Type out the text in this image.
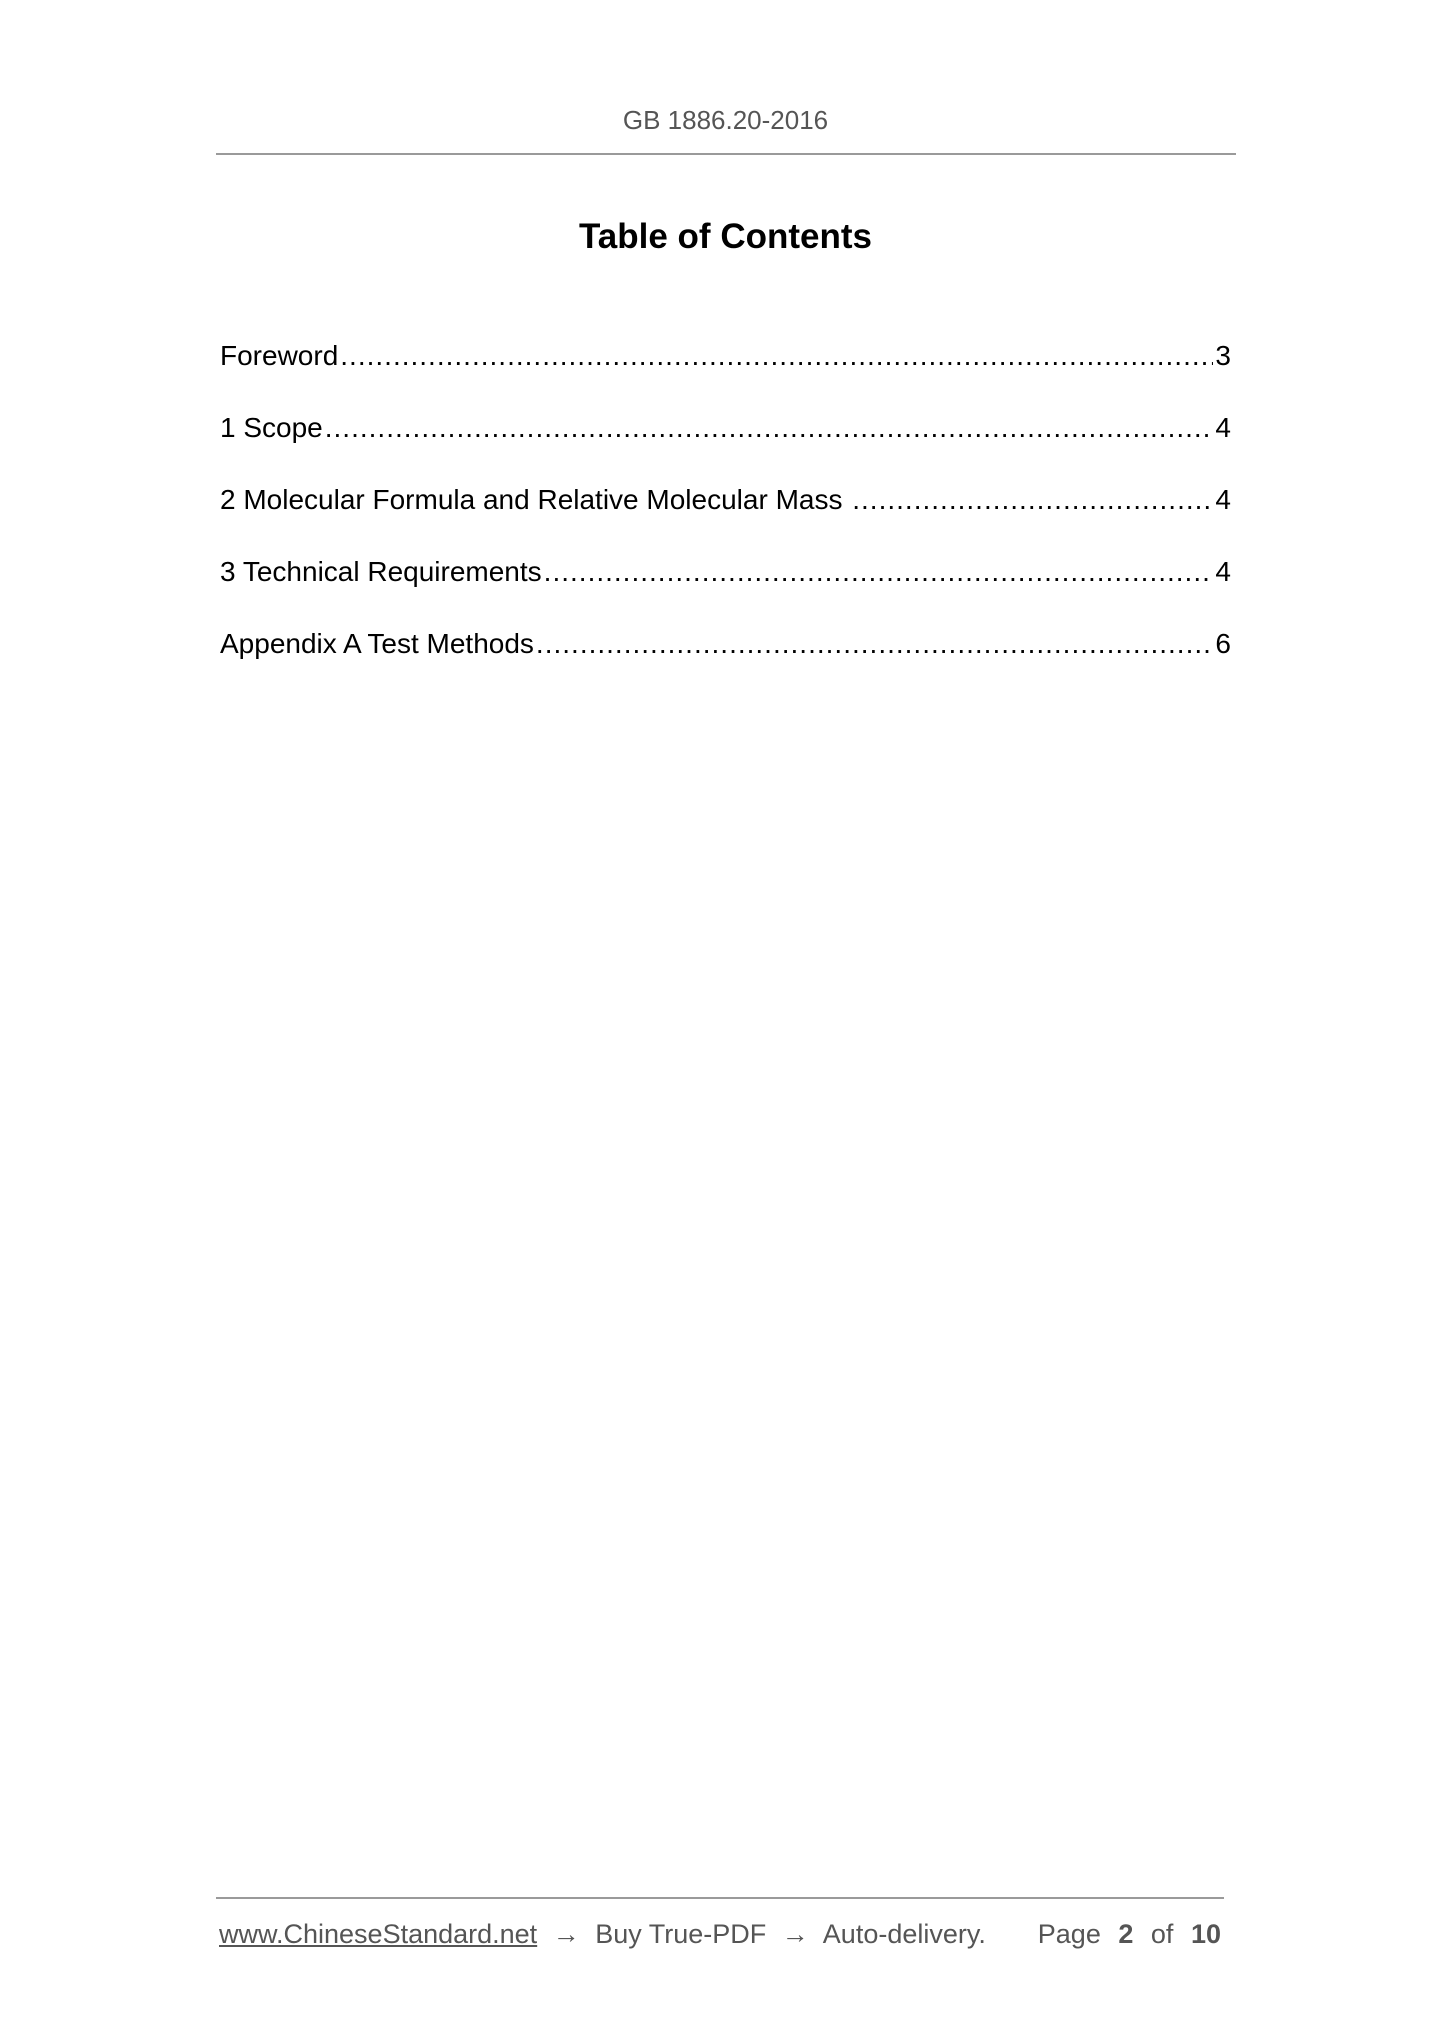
GB 1886.20-2016
Table of Contents
Foreword .....	3
1 Scope .....	4
2 Molecular Formula and Relative Molecular Mass .....	4
3 Technical Requirements .....	4
Appendix A Test Methods .....	6
www.ChineseStandard.net → Buy True-PDF → Auto-delivery. Page 2 of 10
